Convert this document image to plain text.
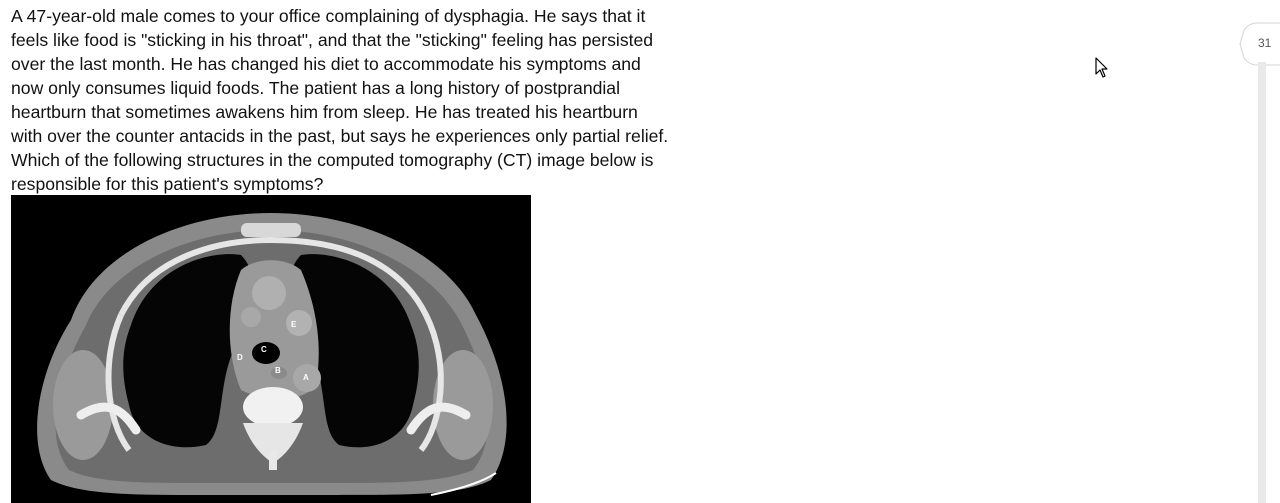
A 47-year-old male comes to your office complaining of dysphagia. He says that it
feels like food is "sticking in his throat", and that the "sticking" feeling has persisted
over the last month. He has changed his diet to accommodate his symptoms and
now only consumes liquid foods. The patient has a long history of postprandial
heartburn that sometimes awakens him from sleep. He has treated his heartburn
with over the counter antacids in the past, but says he experiences only partial relief.
Which of the following structures in the computed tomography (CT) image below is
responsible for this patient's symptoms?
A
B
C
D
E
31
